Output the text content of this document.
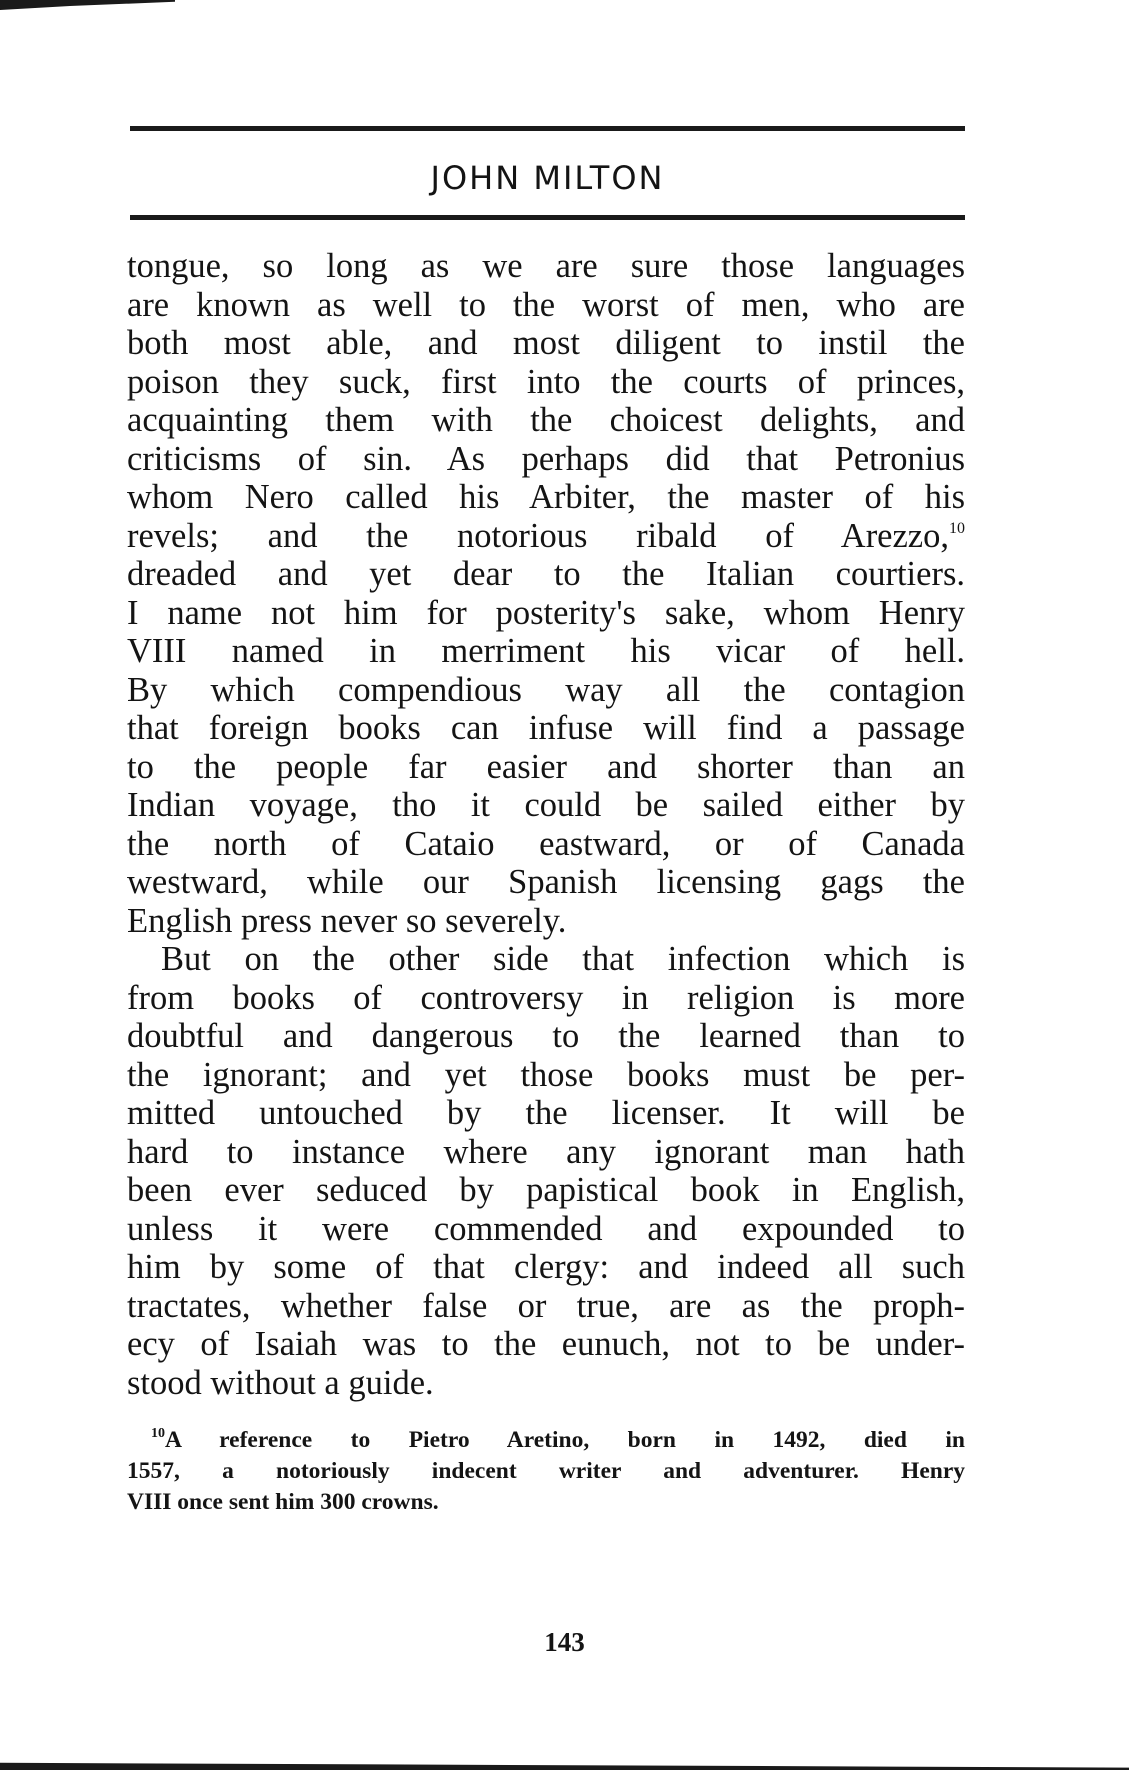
JOHN MILTON
tongue, so long as we are sure those languages
are known as well to the worst of men, who are
both most able, and most diligent to instil the
poison they suck, first into the courts of princes,
acquainting them with the choicest delights, and
criticisms of sin. As perhaps did that Petronius
whom Nero called his Arbiter, the master of his
revels; and the notorious ribald of Arezzo,$^{10}$
dreaded and yet dear to the Italian courtiers.
I name not him for posterity's sake, whom Henry
VIII named in merriment his vicar of hell.
By which compendious way all the contagion
that foreign books can infuse will find a passage
to the people far easier and shorter than an
Indian voyage, tho it could be sailed either by
the north of Cataio eastward, or of Canada
westward, while our Spanish licensing gags the
English press never so severely.
But on the other side that infection which is
from books of controversy in religion is more
doubtful and dangerous to the learned than to
the ignorant; and yet those books must be per-
mitted untouched by the licenser. It will be
hard to instance where any ignorant man hath
been ever seduced by papistical book in English,
unless it were commended and expounded to
him by some of that clergy: and indeed all such
tractates, whether false or true, are as the proph-
ecy of Isaiah was to the eunuch, not to be under-
stood without a guide.
$^{10}$A reference to Pietro Aretino, born in 1492, died in
1557, a notoriously indecent writer and adventurer. Henry
VIII once sent him 300 crowns.
143
